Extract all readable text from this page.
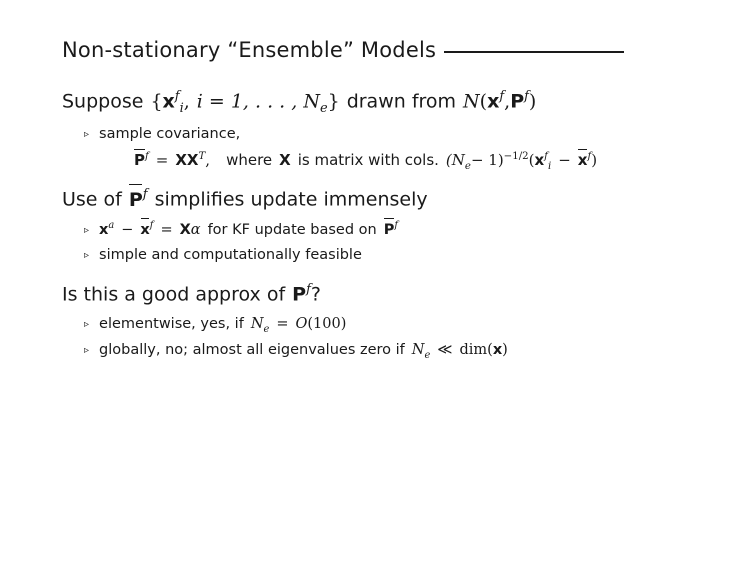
Non-stationary “Ensemble” Models
Suppose {$x^f_i$, i = 1, . . . , $N_e$} drawn from $N(x^f,P^f)$
▹ sample covariance,
$P^f = XX^T$, where X is matrix with cols. $(N_e- 1)^{-1/2}(x^f_i - x^f)$
Use of $P^f$ simplifies update immensely
▹ $x^a - x^f = X\alpha$ for KF update based on $P^f$
▹ simple and computationally feasible
Is this a good approx of $P^f$?
▹ elementwise, yes, if $N_e = O(100)$
▹ globally, no; almost all eigenvalues zero if $N_e$ ≪ dim(x)
